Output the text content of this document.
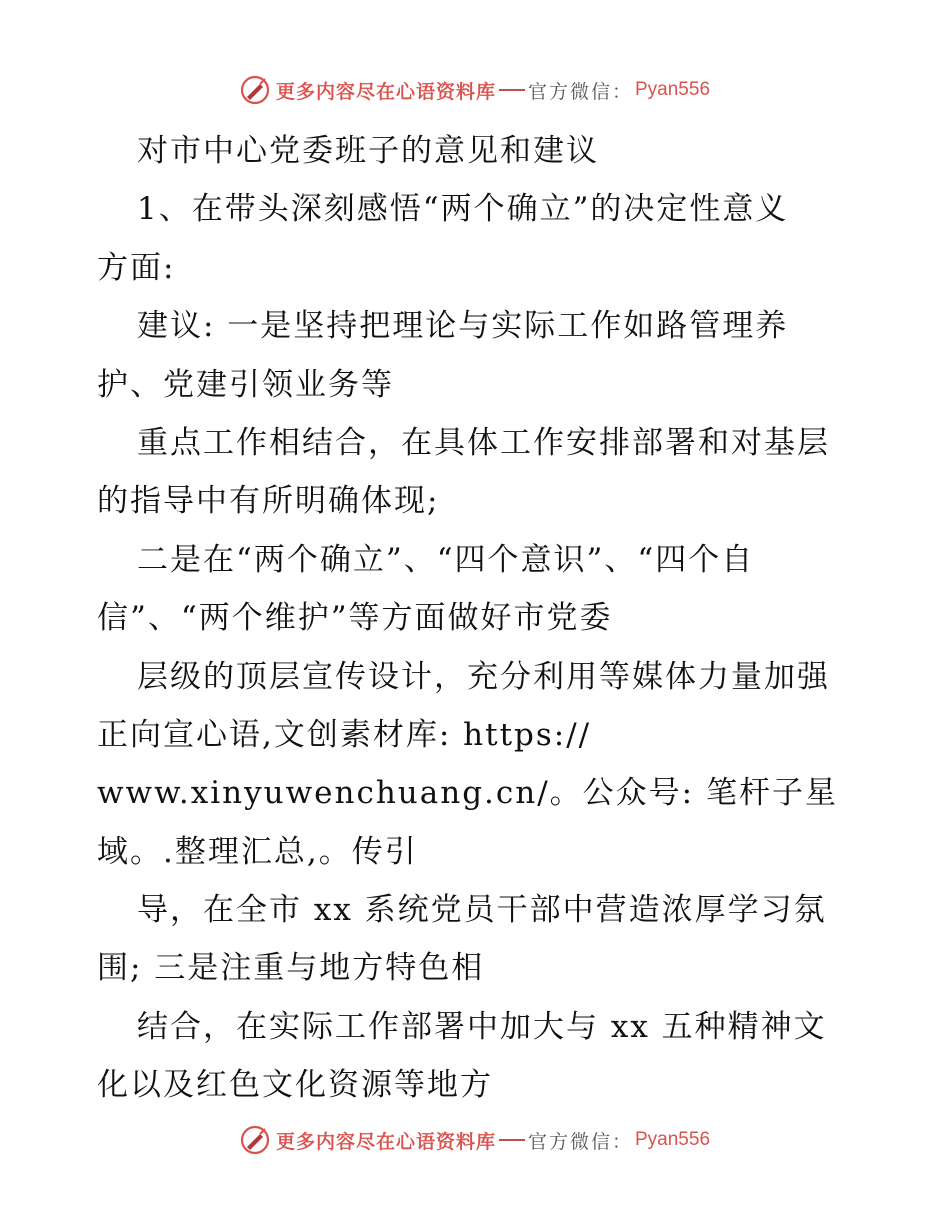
更多内容尽在心语资料库 官方微信： Pyan556
对市中心党委班子的意见和建议
1、在带头深刻感悟“两个确立”的决定性意义
方面:
建议: 一是坚持把理论与实际工作如路管理养
护、党建引领业务等
重点工作相结合，在具体工作安排部署和对基层
的指导中有所明确体现;
二是在“两个确立”、“四个意识”、“四个自
信”、“两个维护”等方面做好市党委
层级的顶层宣传设计，充分利用等媒体力量加强
正向宣心语,文创素材库: https://
www.xinyuwenchuang.cn/。公众号: 笔杆子星
域。.整理汇总,。传引
导，在全市 xx 系统党员干部中营造浓厚学习氛
围; 三是注重与地方特色相
结合，在实际工作部署中加大与 xx 五种精神文
化以及红色文化资源等地方
更多内容尽在心语资料库 官方微信： Pyan556
